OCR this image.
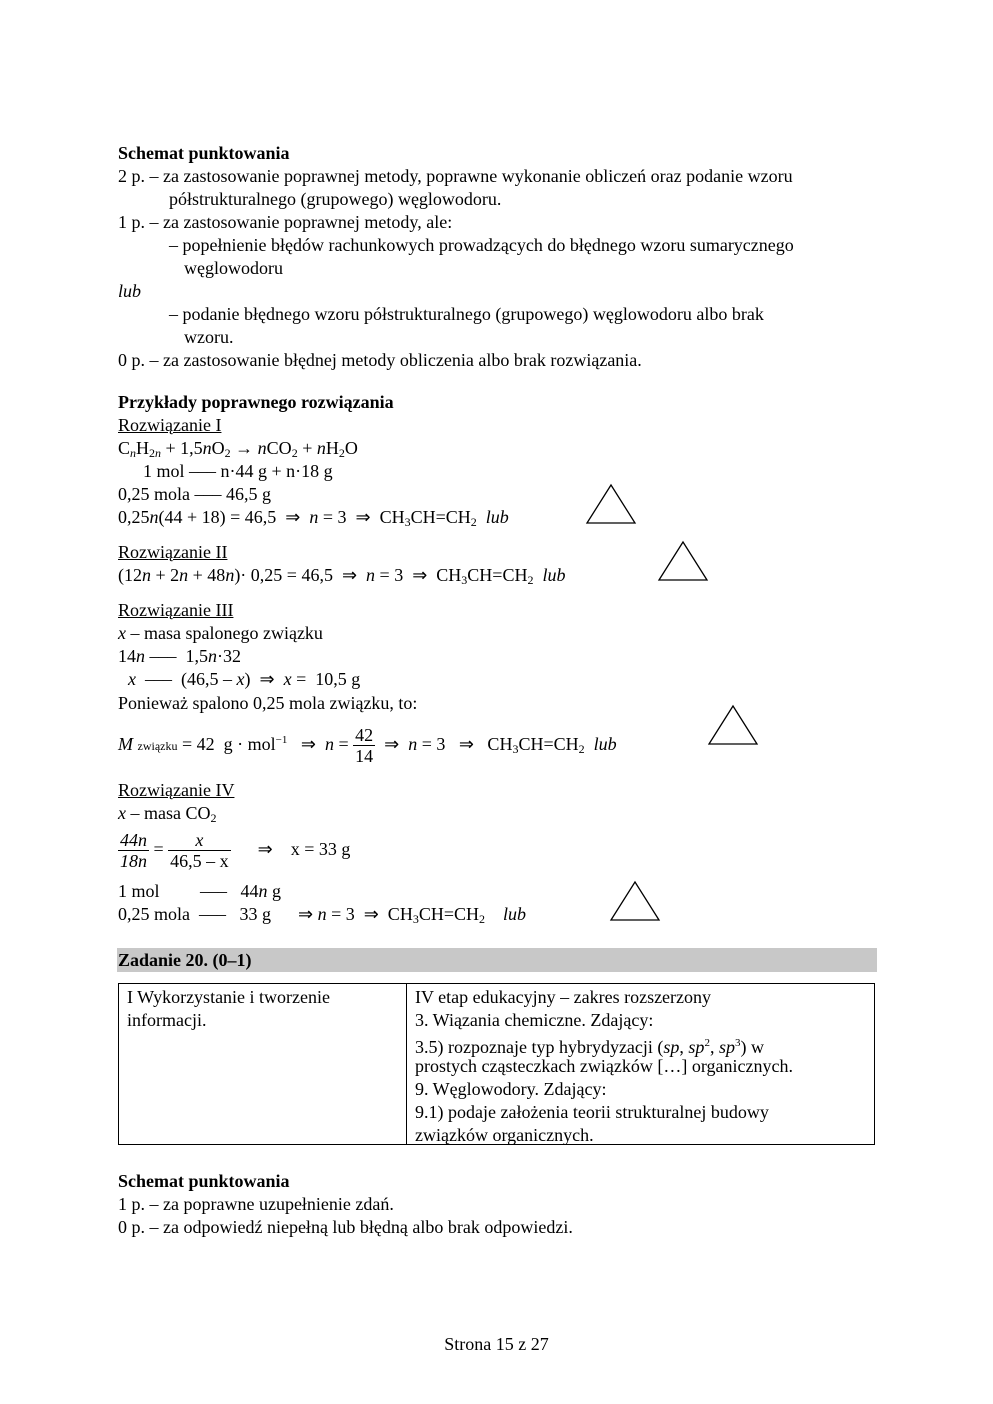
Schemat punktowania
2 p. – za zastosowanie poprawnej metody, poprawne wykonanie obliczeń oraz podanie wzoru
półstrukturalnego (grupowego) węglowodoru.
1 p. – za zastosowanie poprawnej metody, ale:
– popełnienie błędów rachunkowych prowadzących do błędnego wzoru sumarycznego
węglowodoru
lub
– podanie błędnego wzoru półstrukturalnego (grupowego) węglowodoru albo brak
wzoru.
0 p. – za zastosowanie błędnej metody obliczenia albo brak rozwiązania.
Przykłady poprawnego rozwiązania
Rozwiązanie I
$C_nH_{2n} + 1,5nO_2 \to nCO_2 + nH_2O$
1 mol ––– n·44 g + n·18 g
0,25 mola ––– 46,5 g
0,25n(44 + 18) = 46,5  ⇒  n = 3  ⇒  $CH_3CH=CH_2$ lub
Rozwiązanie II
(12n + 2n + 48n)· 0,25 = 46,5  ⇒  n = 3  ⇒  $CH_3CH=CH_2$ lub
Rozwiązanie III
x – masa spalonego związku
14n –––  1,5n·32
x  –––  (46,5 – x)  ⇒  x =  10,5 g
Ponieważ spalono 0,25 mola związku, to:
M związku = 42  g · mol$^{-1}$   ⇒  $n = \frac{42}{14}$ ⇒  n = 3   ⇒   $CH_3CH=CH_2$ lub
Rozwiązanie IV
x – masa $CO_2$
$\frac{44n}{18n} = \frac{x}{46,5 - x}$ ⇒    x = 33 g
1 mol         –––   44n g
0,25 mola  –––   33 g      ⇒ n = 3  ⇒  $CH_3CH=CH_2$ lub
Zadanie 20. (0–1)
I Wykorzystanie i tworzenie
informacji.
IV etap edukacyjny – zakres rozszerzony
3. Wiązania chemiczne. Zdający:
3.5) rozpoznaje typ hybrydyzacji (sp, $sp^2$, $sp^3$) w
prostych cząsteczkach związków […] organicznych.
9. Węglowodory. Zdający:
9.1) podaje założenia teorii strukturalnej budowy
związków organicznych.
Schemat punktowania
1 p. – za poprawne uzupełnienie zdań.
0 p. – za odpowiedź niepełną lub błędną albo brak odpowiedzi.
Strona 15 z 27
